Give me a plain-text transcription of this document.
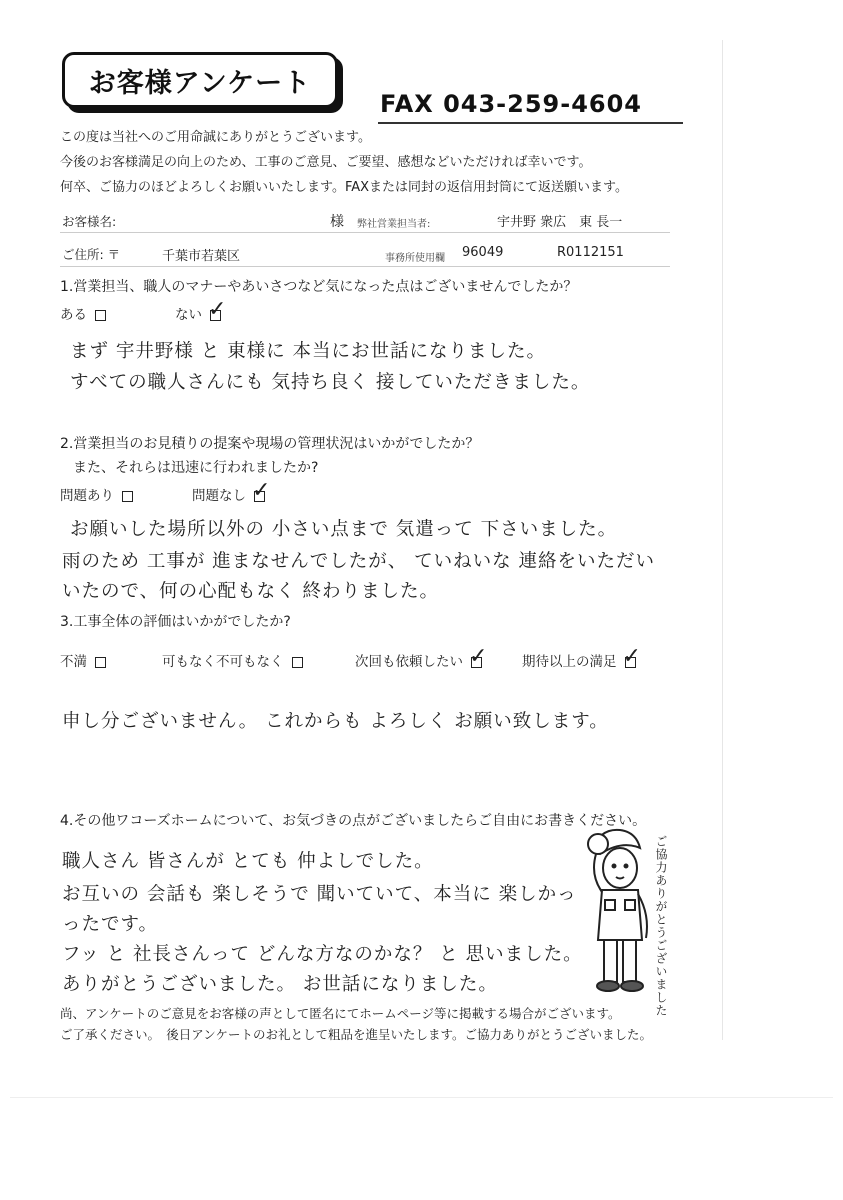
お客様アンケート
FAX 043-259-4604
この度は当社へのご用命誠にありがとうございます。
今後のお客様満足の向上のため、工事のご意見、ご要望、感想などいただければ幸いです。
何卒、ご協力のほどよろしくお願いいたします。FAXまたは同封の返信用封筒にて返送願います。
お客様名:	様 弊社営業担当者:	宇井野 衆広　東 長一
ご住所: 〒	千葉市若葉区	事務所使用欄 96049	R0112151
1.営業担当、職人のマナーやあいさつなど気になった点はございませんでしたか？
ある	ない ✓
まず 宇井野様 と 東様に 本当にお世話になりました。
すべての職人さんにも 気持ち良く 接していただきました。
2.営業担当のお見積りの提案や現場の管理状況はいかがでしたか？
また、それらは迅速に行われましたか?
問題あり	問題なし ✓
お願いした場所以外の 小さい点まで 気遣って 下さいました。
雨のため 工事が 進まなせんでしたが、 ていねいな 連絡をいただい
いたので、何の心配もなく 終わりました。
3.工事全体の評価はいかがでしたか?
不満	可もなく不可もなく	次回も依頼したい ✓	期待以上の満足 ✓
申し分ございません。 これからも よろしく お願い致します。
4.その他ワコーズホームについて、お気づきの点がございましたらご自由にお書きください。
職人さん 皆さんが とても 仲よしでした。
お互いの 会話も 楽しそうで 聞いていて、本当に 楽しかっ
ったです。
フッ と 社長さんって どんな方なのかな？ と 思いました。
ありがとうございました。 お世話になりました。	ご協力ありがとうございました
尚、アンケートのご意見をお客様の声として匿名にてホームページ等に掲載する場合がございます。
ご了承ください。　後日アンケートのお礼として粗品を進呈いたします。ご協力ありがとうございました。
